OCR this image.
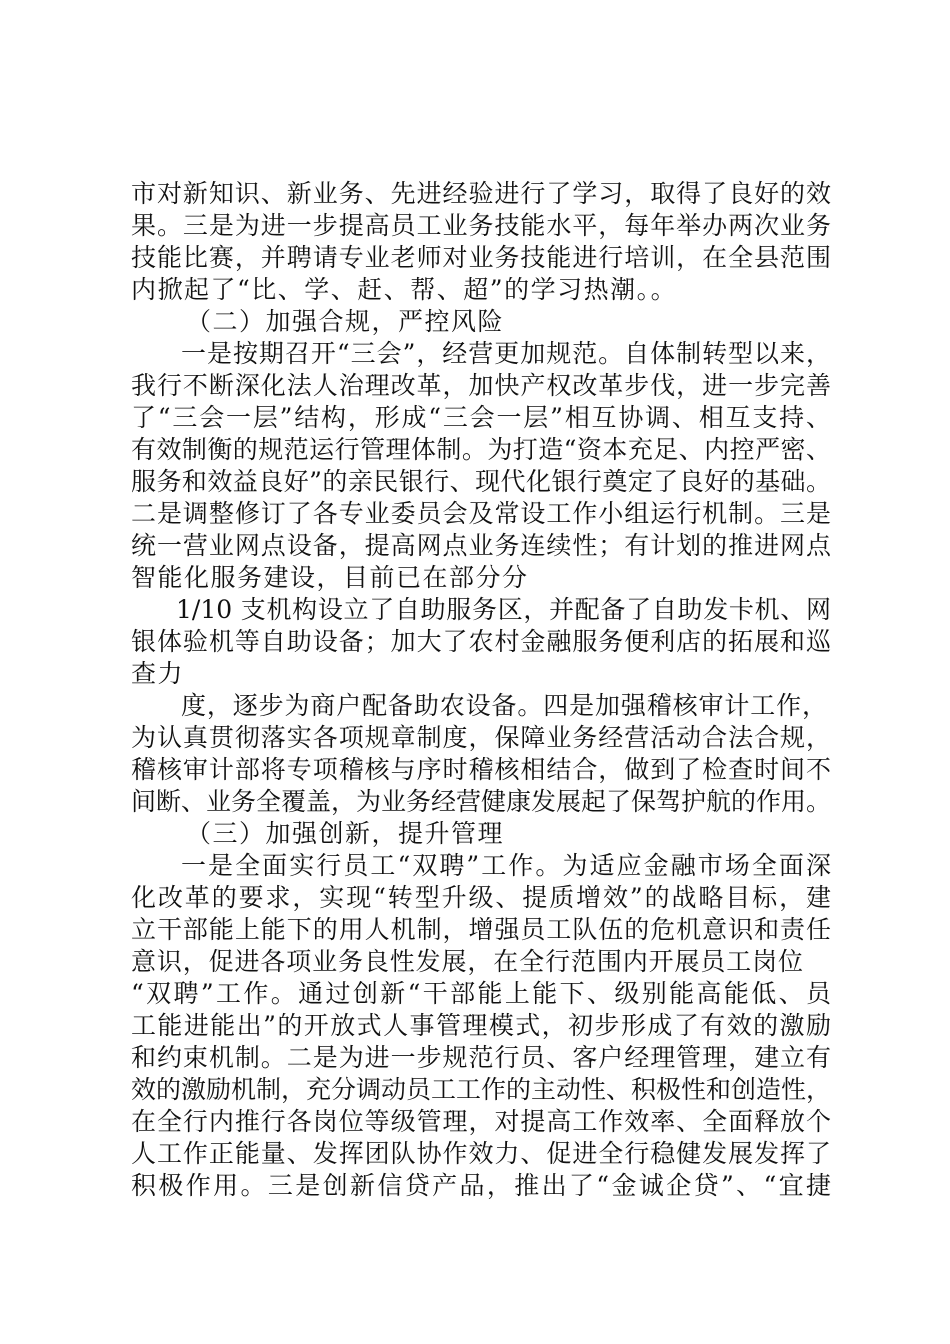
市对新知识、新业务、先进经验进行了学习，取得了良好的效
果。三是为进一步提高员工业务技能水平，每年举办两次业务
技能比赛，并聘请专业老师对业务技能进行培训，在全县范围
内掀起了“比、学、赶、帮、超”的学习热潮。。
（二）加强合规，严控风险
一是按期召开“三会”，经营更加规范。自体制转型以来，
我行不断深化法人治理改革，加快产权改革步伐，进一步完善
了“三会一层”结构，形成“三会一层”相互协调、相互支持、
有效制衡的规范运行管理体制。为打造“资本充足、内控严密、
服务和效益良好”的亲民银行、现代化银行奠定了良好的基础。
二是调整修订了各专业委员会及常设工作小组运行机制。三是
统一营业网点设备，提高网点业务连续性；有计划的推进网点
智能化服务建设，目前已在部分分
1/10 支机构设立了自助服务区，并配备了自助发卡机、网
银体验机等自助设备；加大了农村金融服务便利店的拓展和巡
查力
度，逐步为商户配备助农设备。四是加强稽核审计工作，
为认真贯彻落实各项规章制度，保障业务经营活动合法合规，
稽核审计部将专项稽核与序时稽核相结合，做到了检查时间不
间断、业务全覆盖，为业务经营健康发展起了保驾护航的作用。
（三）加强创新，提升管理
一是全面实行员工“双聘”工作。为适应金融市场全面深
化改革的要求，实现“转型升级、提质增效”的战略目标，建
立干部能上能下的用人机制，增强员工队伍的危机意识和责任
意识，促进各项业务良性发展，在全行范围内开展员工岗位
“双聘”工作。通过创新“干部能上能下、级别能高能低、员
工能进能出”的开放式人事管理模式，初步形成了有效的激励
和约束机制。二是为进一步规范行员、客户经理管理，建立有
效的激励机制，充分调动员工工作的主动性、积极性和创造性，
在全行内推行各岗位等级管理，对提高工作效率、全面释放个
人工作正能量、发挥团队协作效力、促进全行稳健发展发挥了
积极作用。三是创新信贷产品，推出了“金诚企贷”、“宜捷
